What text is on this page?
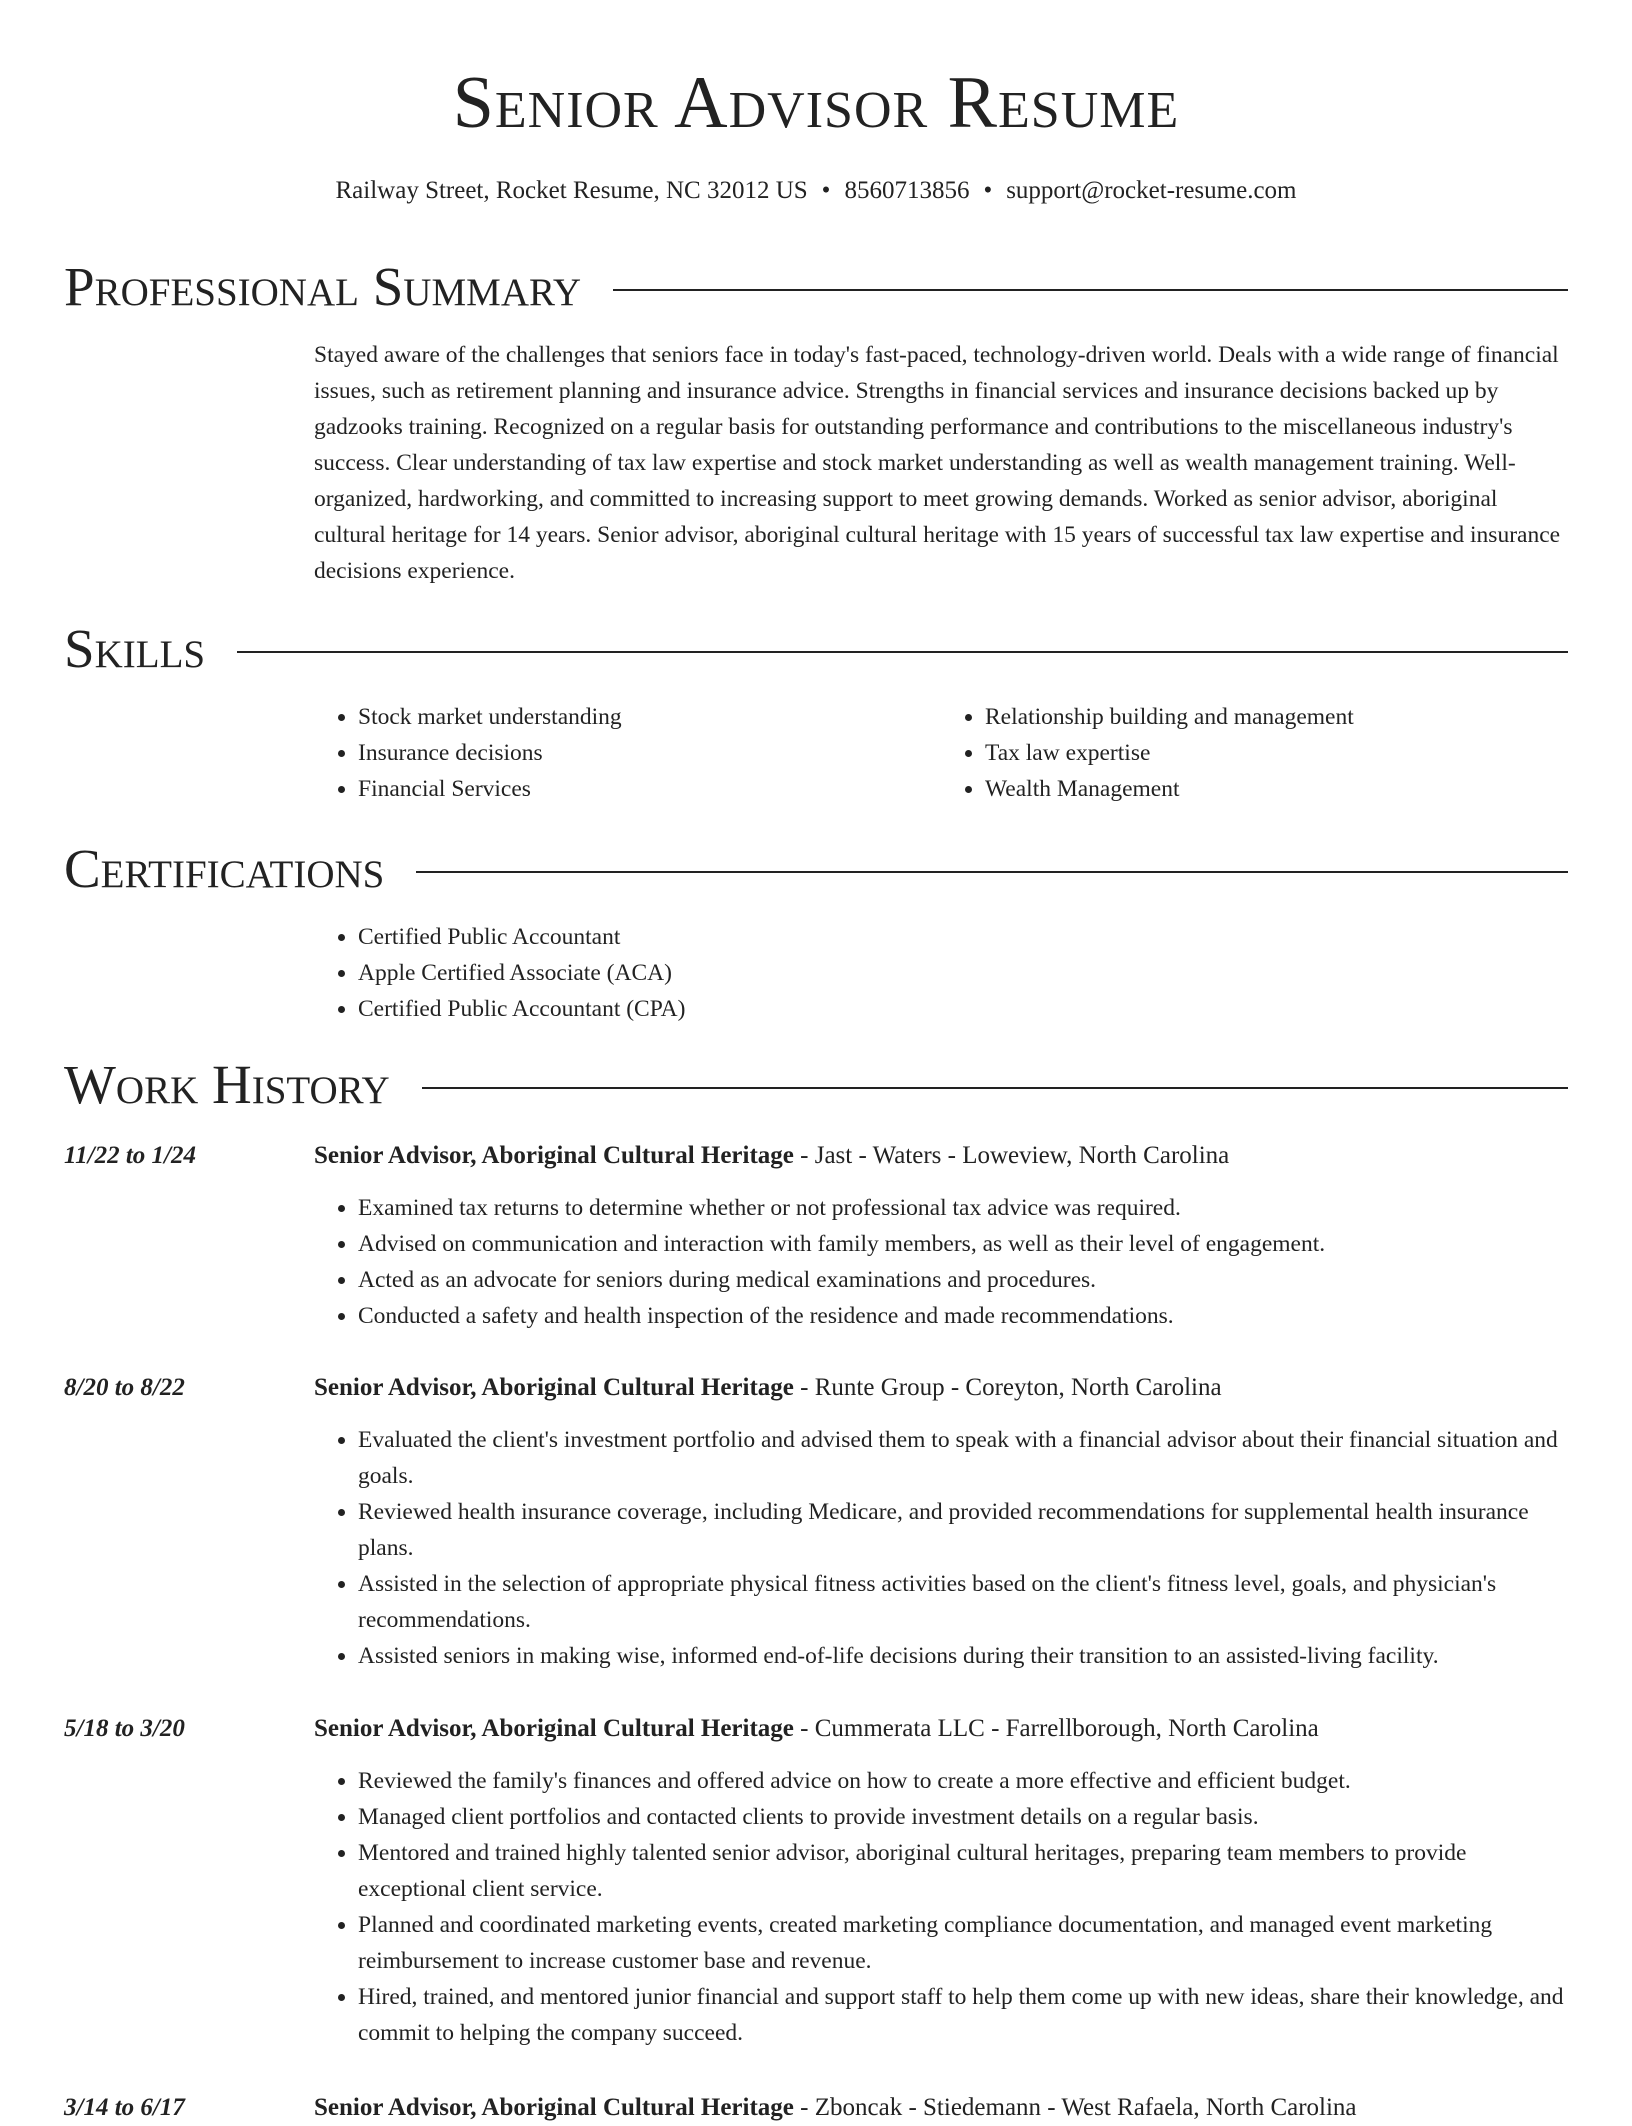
Senior Advisor Resume
Railway Street, Rocket Resume, NC 32012 US • 8560713856 • support@rocket-resume.com
Professional Summary

Stayed aware of the challenges that seniors face in today's fast-paced, technology-driven world. Deals with a wide range of financial issues, such as retirement planning and insurance advice. Strengths in financial services and insurance decisions backed up by gadzooks training. Recognized on a regular basis for outstanding performance and contributions to the miscellaneous industry's success. Clear understanding of tax law expertise and stock market understanding as well as wealth management training. Well-organized, hardworking, and committed to increasing support to meet growing demands. Worked as senior advisor, aboriginal cultural heritage for 14 years. Senior advisor, aboriginal cultural heritage with 15 years of successful tax law expertise and insurance decisions experience.

Skills
• Stock market understanding
• Insurance decisions
• Financial Services
• Relationship building and management
• Tax law expertise
• Wealth Management
Certifications
• Certified Public Accountant
• Apple Certified Associate (ACA)
• Certified Public Accountant (CPA)
Work History
11/22 to 1/24	Senior Advisor, Aboriginal Cultural Heritage - Jast - Waters - Loweview, North Carolina
• Examined tax returns to determine whether or not professional tax advice was required.
• Advised on communication and interaction with family members, as well as their level of engagement.
• Acted as an advocate for seniors during medical examinations and procedures.
• Conducted a safety and health inspection of the residence and made recommendations.
8/20 to 8/22	Senior Advisor, Aboriginal Cultural Heritage - Runte Group - Coreyton, North Carolina
• Evaluated the client's investment portfolio and advised them to speak with a financial advisor about their financial situation and goals.
• Reviewed health insurance coverage, including Medicare, and provided recommendations for supplemental health insurance plans.
• Assisted in the selection of appropriate physical fitness activities based on the client's fitness level, goals, and physician's recommendations.
• Assisted seniors in making wise, informed end-of-life decisions during their transition to an assisted-living facility.
5/18 to 3/20	Senior Advisor, Aboriginal Cultural Heritage - Cummerata LLC - Farrellborough, North Carolina
• Reviewed the family's finances and offered advice on how to create a more effective and efficient budget.
• Managed client portfolios and contacted clients to provide investment details on a regular basis.
• Mentored and trained highly talented senior advisor, aboriginal cultural heritages, preparing team members to provide exceptional client service.
• Planned and coordinated marketing events, created marketing compliance documentation, and managed event marketing reimbursement to increase customer base and revenue.
• Hired, trained, and mentored junior financial and support staff to help them come up with new ideas, share their knowledge, and commit to helping the company succeed.
3/14 to 6/17	Senior Advisor, Aboriginal Cultural Heritage - Zboncak - Stiedemann - West Rafaela, North Carolina
